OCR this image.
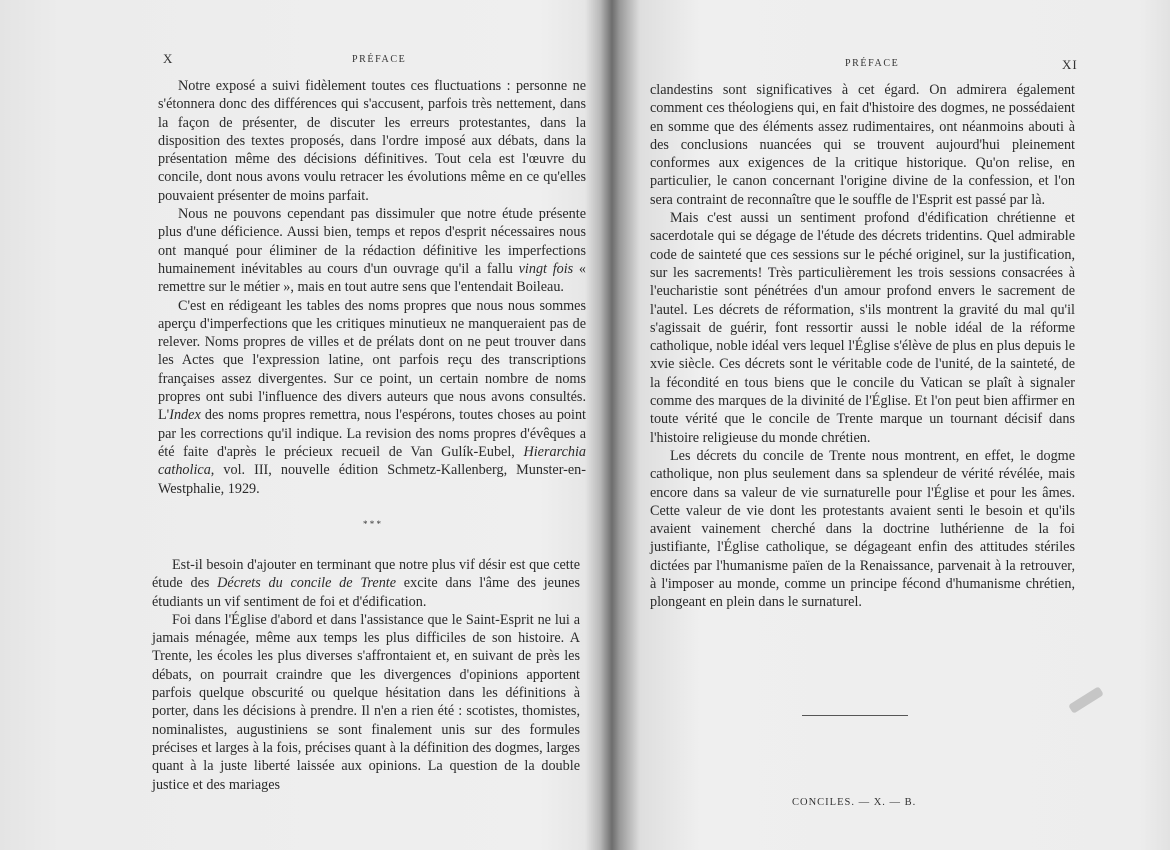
X	PRÉFACE

Notre exposé a suivi fidèlement toutes ces fluctuations : personne ne s'étonnera donc des différences qui s'accusent, parfois très nettement, dans la façon de présenter, de discuter les erreurs protestantes, dans la disposition des textes proposés, dans l'ordre imposé aux débats, dans la présentation même des décisions définitives. Tout cela est l'œuvre du concile, dont nous avons voulu retracer les évolutions même en ce qu'elles pouvaient présenter de moins parfait.

Nous ne pouvons cependant pas dissimuler que notre étude présente plus d'une déficience. Aussi bien, temps et repos d'esprit nécessaires nous ont manqué pour éliminer de la rédaction définitive les imperfections humainement inévitables au cours d'un ouvrage qu'il a fallu vingt fois « remettre sur le métier », mais en tout autre sens que l'entendait Boileau.

C'est en rédigeant les tables des noms propres que nous nous sommes aperçu d'imperfections que les critiques minutieux ne manqueraient pas de relever. Noms propres de villes et de prélats dont on ne peut trouver dans les Actes que l'expression latine, ont parfois reçu des transcriptions françaises assez divergentes. Sur ce point, un certain nombre de noms propres ont subi l'influence des divers auteurs que nous avons consultés. L'Index des noms propres remettra, nous l'espérons, toutes choses au point par les corrections qu'il indique. La revision des noms propres d'évêques a été faite d'après le précieux recueil de Van Gulík-Eubel, Hierarchia catholica, vol. III, nouvelle édition Schmetz-Kallenberg, Munster-en-Westphalie, 1929.

* * *

Est-il besoin d'ajouter en terminant que notre plus vif désir est que cette étude des Décrets du concile de Trente excite dans l'âme des jeunes étudiants un vif sentiment de foi et d'édification.

Foi dans l'Église d'abord et dans l'assistance que le Saint-Esprit ne lui a jamais ménagée, même aux temps les plus difficiles de son histoire. A Trente, les écoles les plus diverses s'affrontaient et, en suivant de près les débats, on pourrait craindre que les divergences d'opinions apportent parfois quelque obscurité ou quelque hésitation dans les définitions à porter, dans les décisions à prendre. Il n'en a rien été : scotistes, thomistes, nominalistes, augustiniens se sont finalement unis sur des formules précises et larges à la fois, précises quant à la définition des dogmes, larges quant à la juste liberté laissée aux opinions. La question de la double justice et des mariages

PRÉFACE	XI

clandestins sont significatives à cet égard. On admirera également comment ces théologiens qui, en fait d'histoire des dogmes, ne possédaient en somme que des éléments assez rudimentaires, ont néanmoins abouti à des conclusions nuancées qui se trouvent aujourd'hui pleinement conformes aux exigences de la critique historique. Qu'on relise, en particulier, le canon concernant l'origine divine de la confession, et l'on sera contraint de reconnaître que le souffle de l'Esprit est passé par là.

Mais c'est aussi un sentiment profond d'édification chrétienne et sacerdotale qui se dégage de l'étude des décrets tridentins. Quel admirable code de sainteté que ces sessions sur le péché originel, sur la justification, sur les sacrements! Très particulièrement les trois sessions consacrées à l'eucharistie sont pénétrées d'un amour profond envers le sacrement de l'autel. Les décrets de réformation, s'ils montrent la gravité du mal qu'il s'agissait de guérir, font ressortir aussi le noble idéal de la réforme catholique, noble idéal vers lequel l'Église s'élève de plus en plus depuis le xvie siècle. Ces décrets sont le véritable code de l'unité, de la sainteté, de la fécondité en tous biens que le concile du Vatican se plaît à signaler comme des marques de la divinité de l'Église. Et l'on peut bien affirmer en toute vérité que le concile de Trente marque un tournant décisif dans l'histoire religieuse du monde chrétien.

Les décrets du concile de Trente nous montrent, en effet, le dogme catholique, non plus seulement dans sa splendeur de vérité révélée, mais encore dans sa valeur de vie surnaturelle pour l'Église et pour les âmes. Cette valeur de vie dont les protestants avaient senti le besoin et qu'ils avaient vainement cherché dans la doctrine luthérienne de la foi justifiante, l'Église catholique, se dégageant enfin des attitudes stériles dictées par l'humanisme païen de la Renaissance, parvenait à la retrouver, à l'imposer au monde, comme un principe fécond d'humanisme chrétien, plongeant en plein dans le surnaturel.

CONCILES. — X. — B.
